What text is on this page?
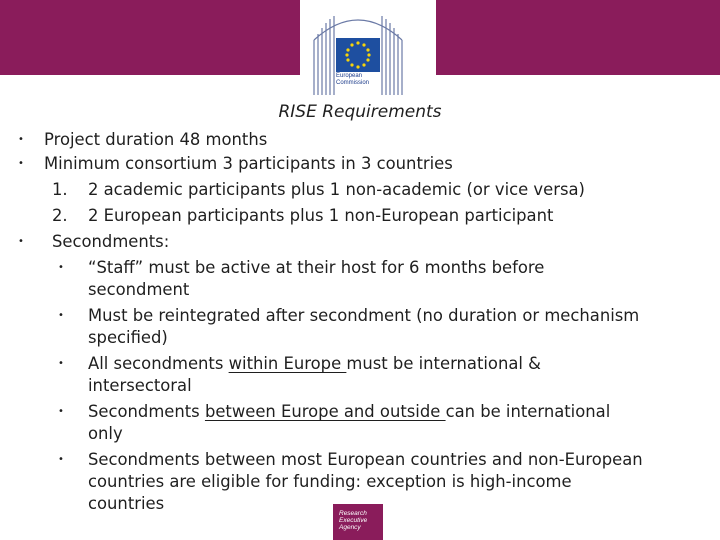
European
Commission
RISE Requirements
• Project duration 48 months
• Minimum consortium 3 participants in 3 countries
1. 2 academic participants plus 1 non-academic (or vice versa)
2. 2 European participants plus 1 non-European participant
• Secondments:
• “Staff” must be active at their host for 6 months before
secondment
• Must be reintegrated after secondment (no duration or mechanism
specified)
• All secondments within Europe must be international &
intersectoral
• Secondments between Europe and outside can be international
only
• Secondments between most European countries and non-European
countries are eligible for funding: exception is high-income
countries
Research
Executive
Agency
